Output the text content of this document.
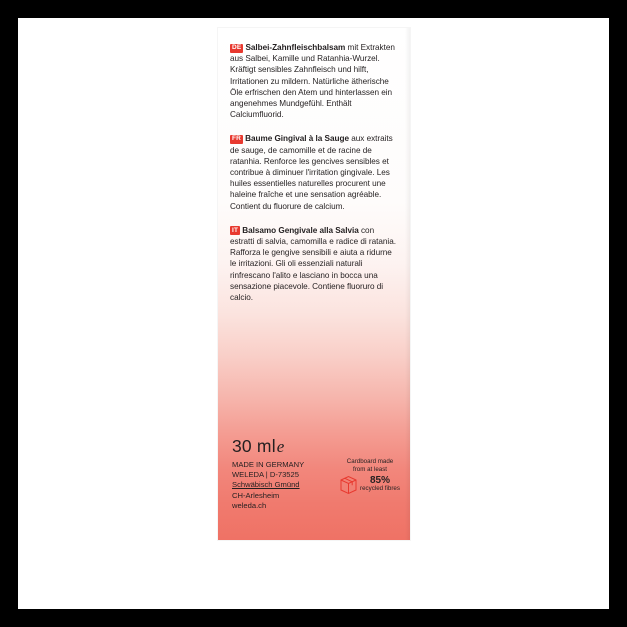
DE Salbei-Zahnfleischbalsam mit Extrakten aus Salbei, Kamille und Ratanhia-Wurzel. Kräftigt sensibles Zahnfleisch und hilft, Irritationen zu mildern. Natürliche ätherische Öle erfrischen den Atem und hinterlassen ein angenehmes Mundgefühl. Enthält Calciumfluorid.
FR Baume Gingival à la Sauge aux extraits de sauge, de camomille et de racine de ratanhia. Renforce les gencives sensibles et contribue à diminuer l'irritation gingivale. Les huiles essentielles naturelles procurent une haleine fraîche et une sensation agréable. Contient du fluorure de calcium.
IT Balsamo Gengivale alla Salvia con estratti di salvia, camomilla e radice di ratania. Rafforza le gengive sensibili e aiuta a ridurne le irritazioni. Gli oli essenziali naturali rinfrescano l'alito e lasciano in bocca una sensazione piacevole. Contiene fluoruro di calcio.
30 mle
MADE IN GERMANY
WELEDA | D-73525
Schwäbisch Gmünd
CH-Arlesheim
weleda.ch
Cardboard made
from at least
85%
recycled fibres
